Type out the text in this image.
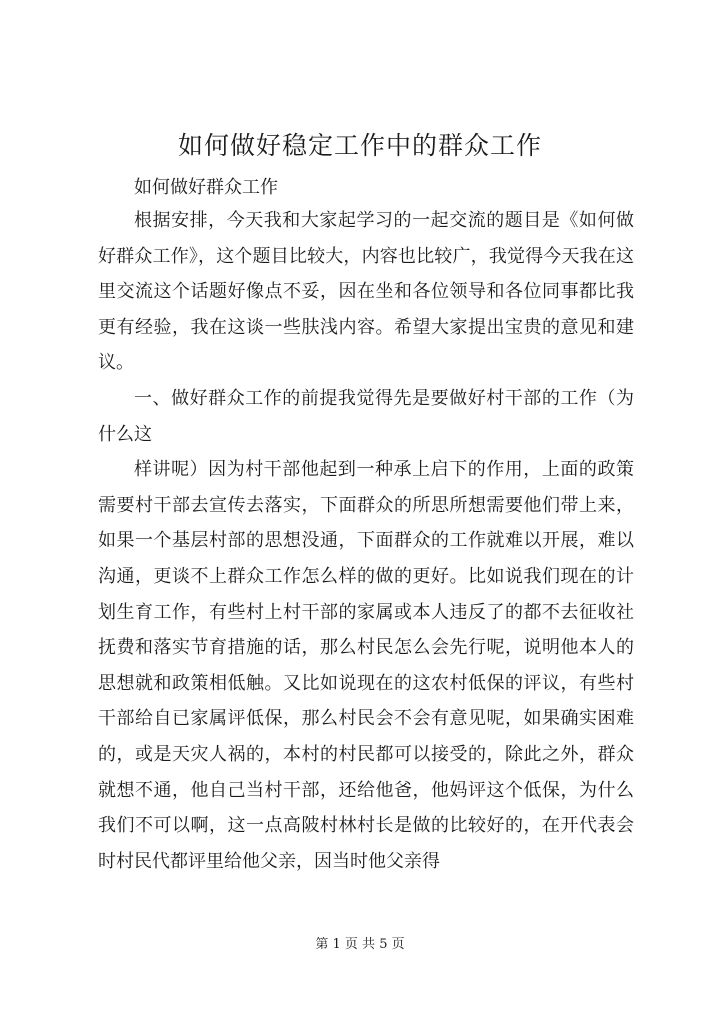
如何做好稳定工作中的群众工作
如何做好群众工作

根据安排，今天我和大家起学习的一起交流的题目是《如何做好群众工作》，这个题目比较大，内容也比较广，我觉得今天我在这里交流这个话题好像点不妥，因在坐和各位领导和各位同事都比我更有经验，我在这谈一些肤浅内容。希望大家提出宝贵的意见和建议。

一、做好群众工作的前提我觉得先是要做好村干部的工作（为什么这

样讲呢）因为村干部他起到一种承上启下的作用，上面的政策需要村干部去宣传去落实，下面群众的所思所想需要他们带上来，如果一个基层村部的思想没通，下面群众的工作就难以开展，难以沟通，更谈不上群众工作怎么样的做的更好。比如说我们现在的计划生育工作，有些村上村干部的家属或本人违反了的都不去征收社抚费和落实节育措施的话，那么村民怎么会先行呢，说明他本人的思想就和政策相低触。又比如说现在的这农村低保的评议，有些村干部给自已家属评低保，那么村民会不会有意见呢，如果确实困难的，或是天灾人祸的，本村的村民都可以接受的，除此之外，群众就想不通，他自己当村干部，还给他爸，他妈评这个低保，为什么我们不可以啊，这一点高陂村林村长是做的比较好的，在开代表会时村民代都评里给他父亲，因当时他父亲得

第 1 页 共 5 页
